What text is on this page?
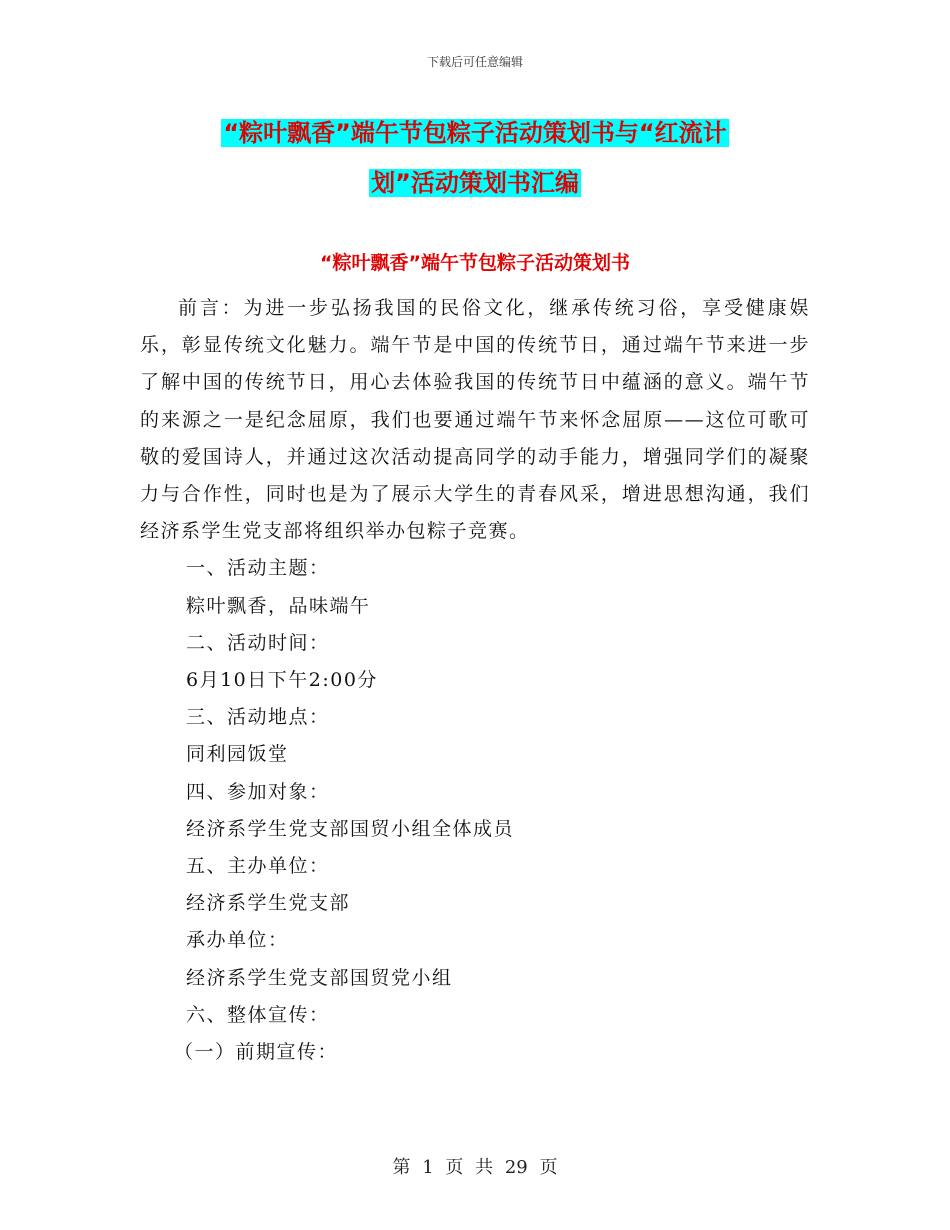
下载后可任意编辑
“粽叶飘香”端午节包粽子活动策划书与“红流计
划”活动策划书汇编
“粽叶飘香”端午节包粽子活动策划书

前言：为进一步弘扬我国的民俗文化，继承传统习俗，享受健康娱乐，彰显传统文化魅力。端午节是中国的传统节日，通过端午节来进一步了解中国的传统节日，用心去体验我国的传统节日中蕴涵的意义。端午节的来源之一是纪念屈原，我们也要通过端午节来怀念屈原——这位可歌可敬的爱国诗人，并通过这次活动提高同学的动手能力，增强同学们的凝聚力与合作性，同时也是为了展示大学生的青春风采，增进思想沟通，我们经济系学生党支部将组织举办包粽子竞赛。

一、活动主题：

粽叶飘香，品味端午

二、活动时间：

6月10日下午2:00分

三、活动地点：

同利园饭堂

四、参加对象：

经济系学生党支部国贸小组全体成员

五、主办单位：

经济系学生党支部

承办单位：

经济系学生党支部国贸党小组

六、整体宣传：

（一）前期宣传：

第 1 页 共 29 页
